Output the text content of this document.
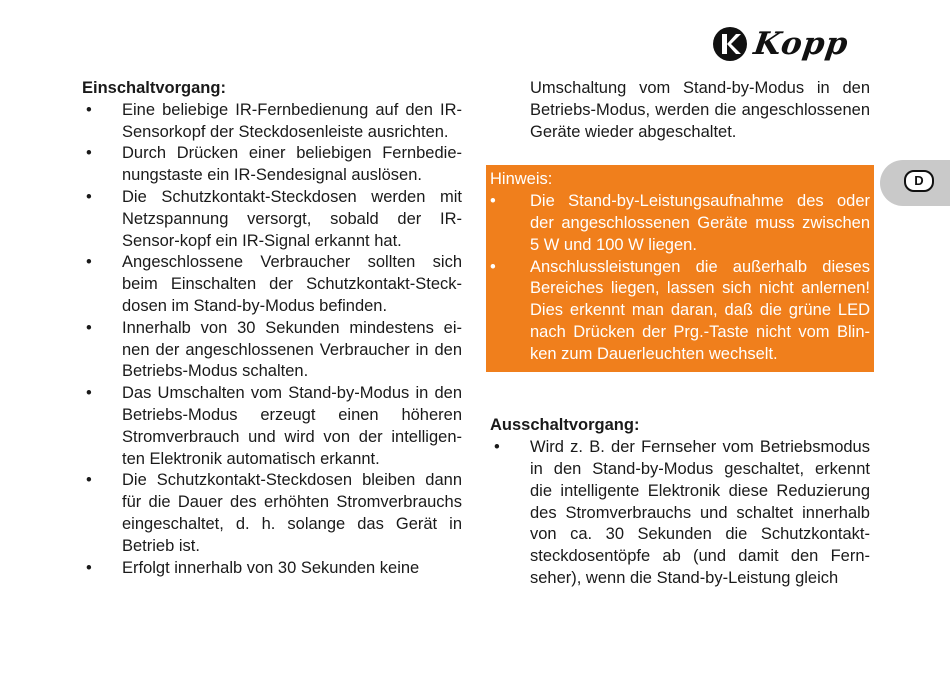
Kopp
D
Einschaltvorgang:
• Eine beliebige IR-Fernbedienung auf den IR-Sensorkopf der Steckdosenleiste ausrichten.
• Durch Drücken einer beliebigen Fernbedie-nungstaste ein IR-Sendesignal auslösen.
• Die Schutzkontakt-Steckdosen werden mit Netzspannung versorgt, sobald der IR-Sensor-kopf ein IR-Signal erkannt hat.
• Angeschlossene Verbraucher sollten sich beim Einschalten der Schutzkontakt-Steck-dosen im Stand-by-Modus befinden.
• Innerhalb von 30 Sekunden mindestens ei-nen der angeschlossenen Verbraucher in den Betriebs-Modus schalten.
• Das Umschalten vom Stand-by-Modus in den Betriebs-Modus erzeugt einen höheren Stromverbrauch und wird von der intelligen-ten Elektronik automatisch erkannt.
• Die Schutzkontakt-Steckdosen bleiben dann für die Dauer des erhöhten Stromverbrauchs eingeschaltet, d. h. solange das Gerät in Betrieb ist.
• Erfolgt innerhalb von 30 Sekunden keine
Umschaltung vom Stand-by-Modus in den Betriebs-Modus, werden die angeschlossenen Geräte wieder abgeschaltet.
Hinweis:
• Die Stand-by-Leistungsaufnahme des oder der angeschlossenen Geräte muss zwischen 5 W und 100 W liegen.
• Anschlussleistungen die außerhalb dieses Bereiches liegen, lassen sich nicht anlernen! Dies erkennt man daran, daß die grüne LED nach Drücken der Prg.-Taste nicht vom Blin-ken zum Dauerleuchten wechselt.
Ausschaltvorgang:
• Wird z. B. der Fernseher vom Betriebsmodus in den Stand-by-Modus geschaltet, erkennt die intelligente Elektronik diese Reduzierung des Stromverbrauchs und schaltet innerhalb von ca. 30 Sekunden die Schutzkontakt-steckdosentöpfe ab (und damit den Fern-seher), wenn die Stand-by-Leistung gleich
